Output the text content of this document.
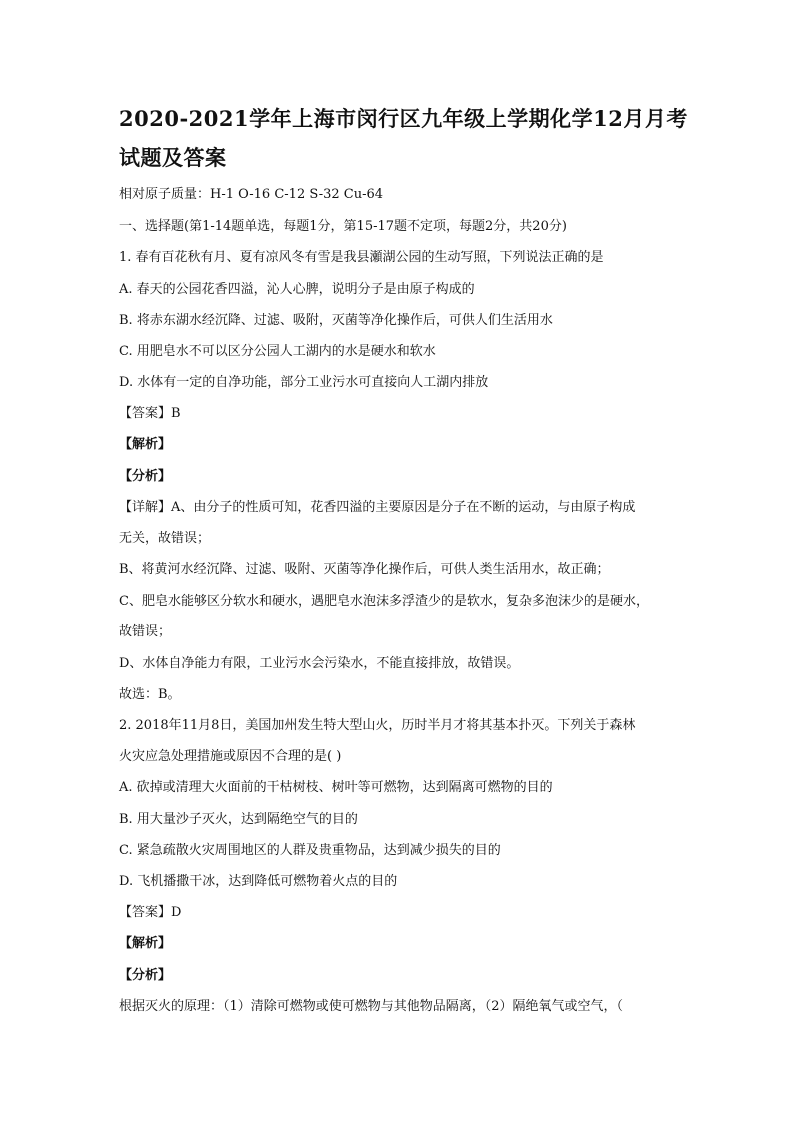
2020-2021学年上海市闵行区九年级上学期化学12月月考
试题及答案
相对原子质量：H-1 O-16 C-12 S-32 Cu-64
一、选择题(第1-14题单选，每题1分，第15-17题不定项，每题2分，共20分)
1. 春有百花秋有月、夏有凉风冬有雪是我县瀬湖公园的生动写照，下列说法正确的是
A. 春天的公园花香四溢，沁人心脾，说明分子是由原子构成的
B. 将赤东湖水经沉降、过滤、吸附，灭菌等净化操作后，可供人们生活用水
C. 用肥皂水不可以区分公园人工湖内的水是硬水和软水
D. 水体有一定的自净功能，部分工业污水可直接向人工湖内排放
【答案】B
【解析】
【分析】
【详解】A、由分子的性质可知，花香四溢的主要原因是分子在不断的运动，与由原子构成
无关，故错误；
B、将黄河水经沉降、过滤、吸附、灭菌等净化操作后，可供人类生活用水，故正确；
C、肥皂水能够区分软水和硬水，遇肥皂水泡沫多浮渣少的是软水，复杂多泡沫少的是硬水，
故错误；
D、水体自净能力有限，工业污水会污染水，不能直接排放，故错误。
故选：B。
2. 2018年11月8日，美国加州发生特大型山火，历时半月才将其基本扑灭。下列关于森林
火灾应急处理措施或原因不合理的是( )
A. 砍掉或清理大火面前的干枯树枝、树叶等可燃物，达到隔离可燃物的目的
B. 用大量沙子灭火，达到隔绝空气的目的
C. 紧急疏散火灾周围地区的人群及贵重物品，达到减少损失的目的
D. 飞机播撒干冰，达到降低可燃物着火点的目的
【答案】D
【解析】
【分析】
根据灭火的原理：（1）清除可燃物或使可燃物与其他物品隔离，（2）隔绝氧气或空气，（
